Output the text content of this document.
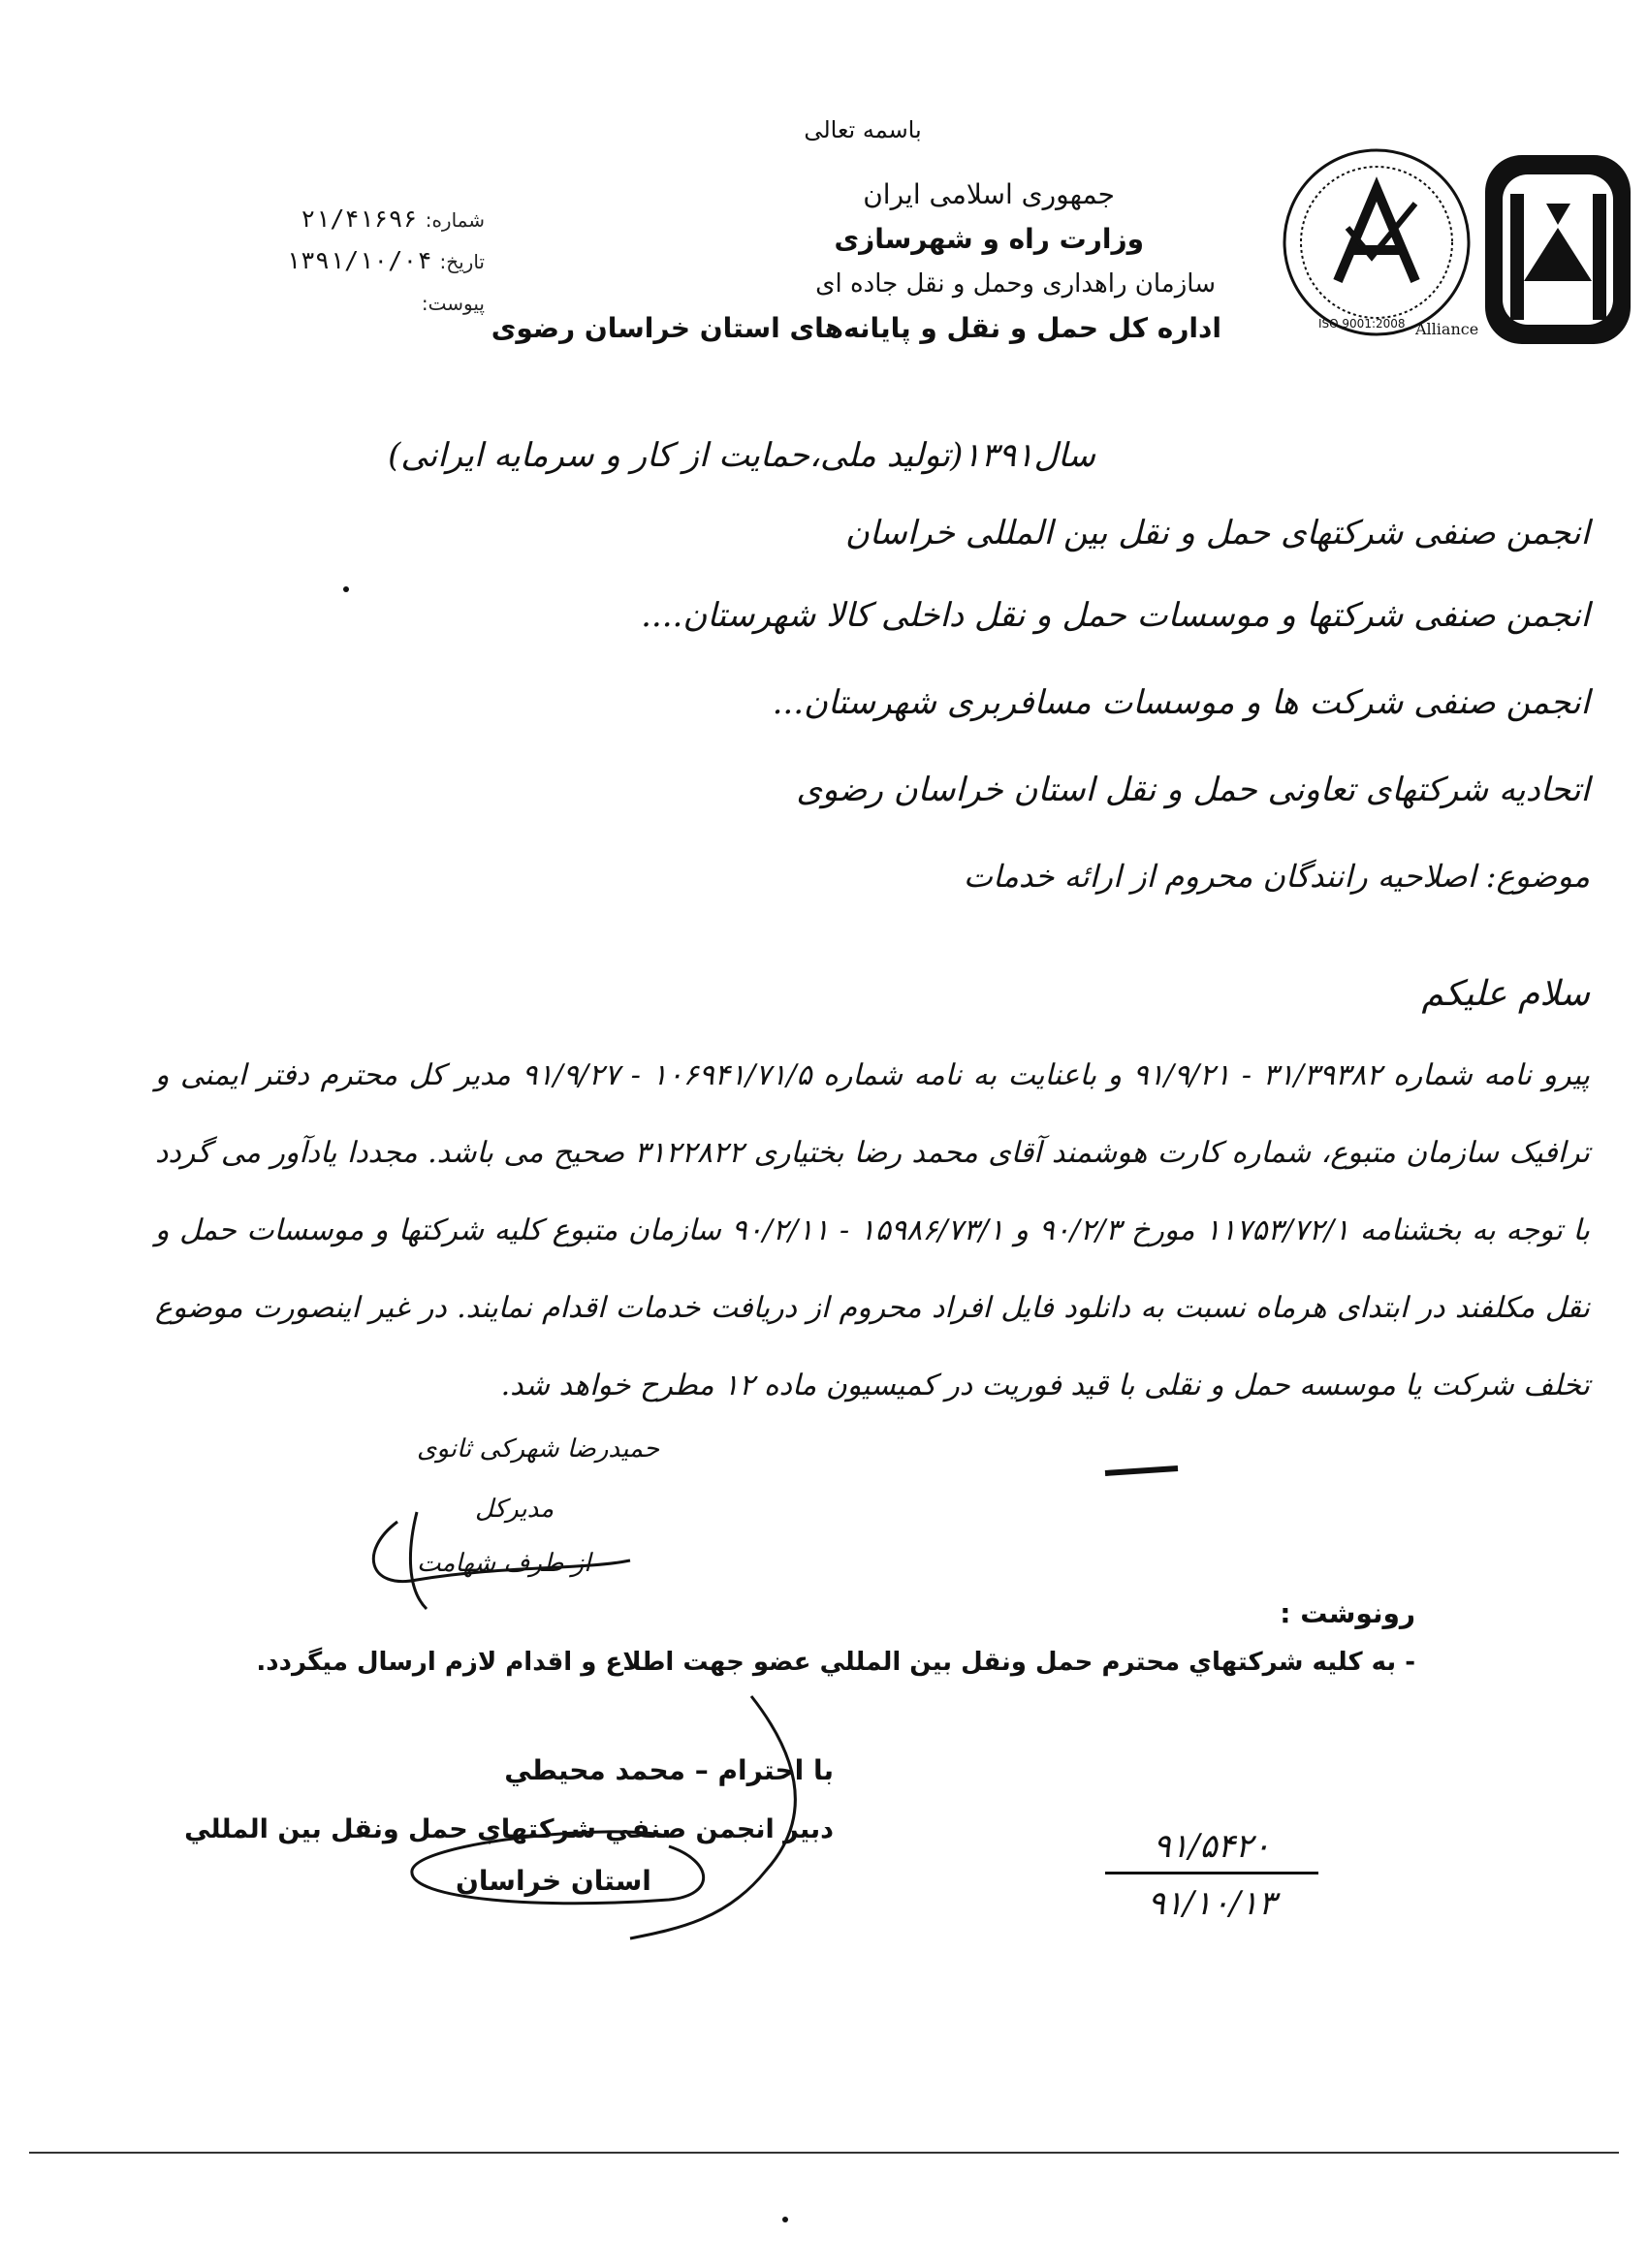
باسمه تعالی
جمهوری اسلامی ایران
وزارت راه و شهرسازی
سازمان راهداری وحمل و نقل جاده ای
اداره کل حمل و نقل و پایانه‌های استان خراسان رضوی
شماره:۲۱/۴۱۶۹۶
تاریخ:۱۳۹۱/۱۰/۰۴
پیوست:
ISO 9001:2008 Alliance
سال۱۳۹۱(تولید ملی،حمایت از کار و سرمایه ایرانی)
انجمن صنفی شرکتهای حمل و نقل بین المللی خراسان
انجمن صنفی شرکتها و موسسات حمل و نقل داخلی کالا شهرستان....
انجمن صنفی شرکت ها و موسسات مسافربری شهرستان...
اتحادیه شرکتهای تعاونی حمل و نقل استان خراسان رضوی
موضوع: اصلاحیه رانندگان محروم از ارائه خدمات
سلام علیکم
پیرو نامه شماره ۳۱/۳۹۳۸۲ - ۹۱/۹/۲۱ و باعنایت به نامه شماره ۱۰۶۹۴۱/۷۱/۵ - ۹۱/۹/۲۷ مدیر کل محترم دفتر ایمنی و ترافیک سازمان متبوع، شماره کارت هوشمند آقای محمد رضا بختیاری ۳۱۲۲۸۲۲ صحیح می باشد. مجددا یادآور می گردد با توجه به بخشنامه ۱۱۷۵۳/۷۲/۱ مورخ ۹۰/۲/۳ و ۱۵۹۸۶/۷۳/۱ - ۹۰/۲/۱۱ سازمان متبوع کلیه شرکتها و موسسات حمل و نقل مکلفند در ابتدای هرماه نسبت به دانلود فایل افراد محروم از دریافت خدمات اقدام نمایند. در غیر اینصورت موضوع تخلف شرکت یا موسسه حمل و نقلی با قید فوریت در کمیسیون ماده ۱۲ مطرح خواهد شد.
حمیدرضا شهرکی ثانوی
مدیرکل
از طرف شهامت
رونوشت :
- به کليه شرکتهاي محترم حمل ونقل بين المللي عضو جهت اطلاع و اقدام لازم ارسال ميگردد.
با احترام – محمد محيطي
دبير انجمن صنفي شرکتهاي حمل ونقل بين المللي
استان خراسان
۹۱/۵۴۲۰
۹۱/۱۰/۱۳
